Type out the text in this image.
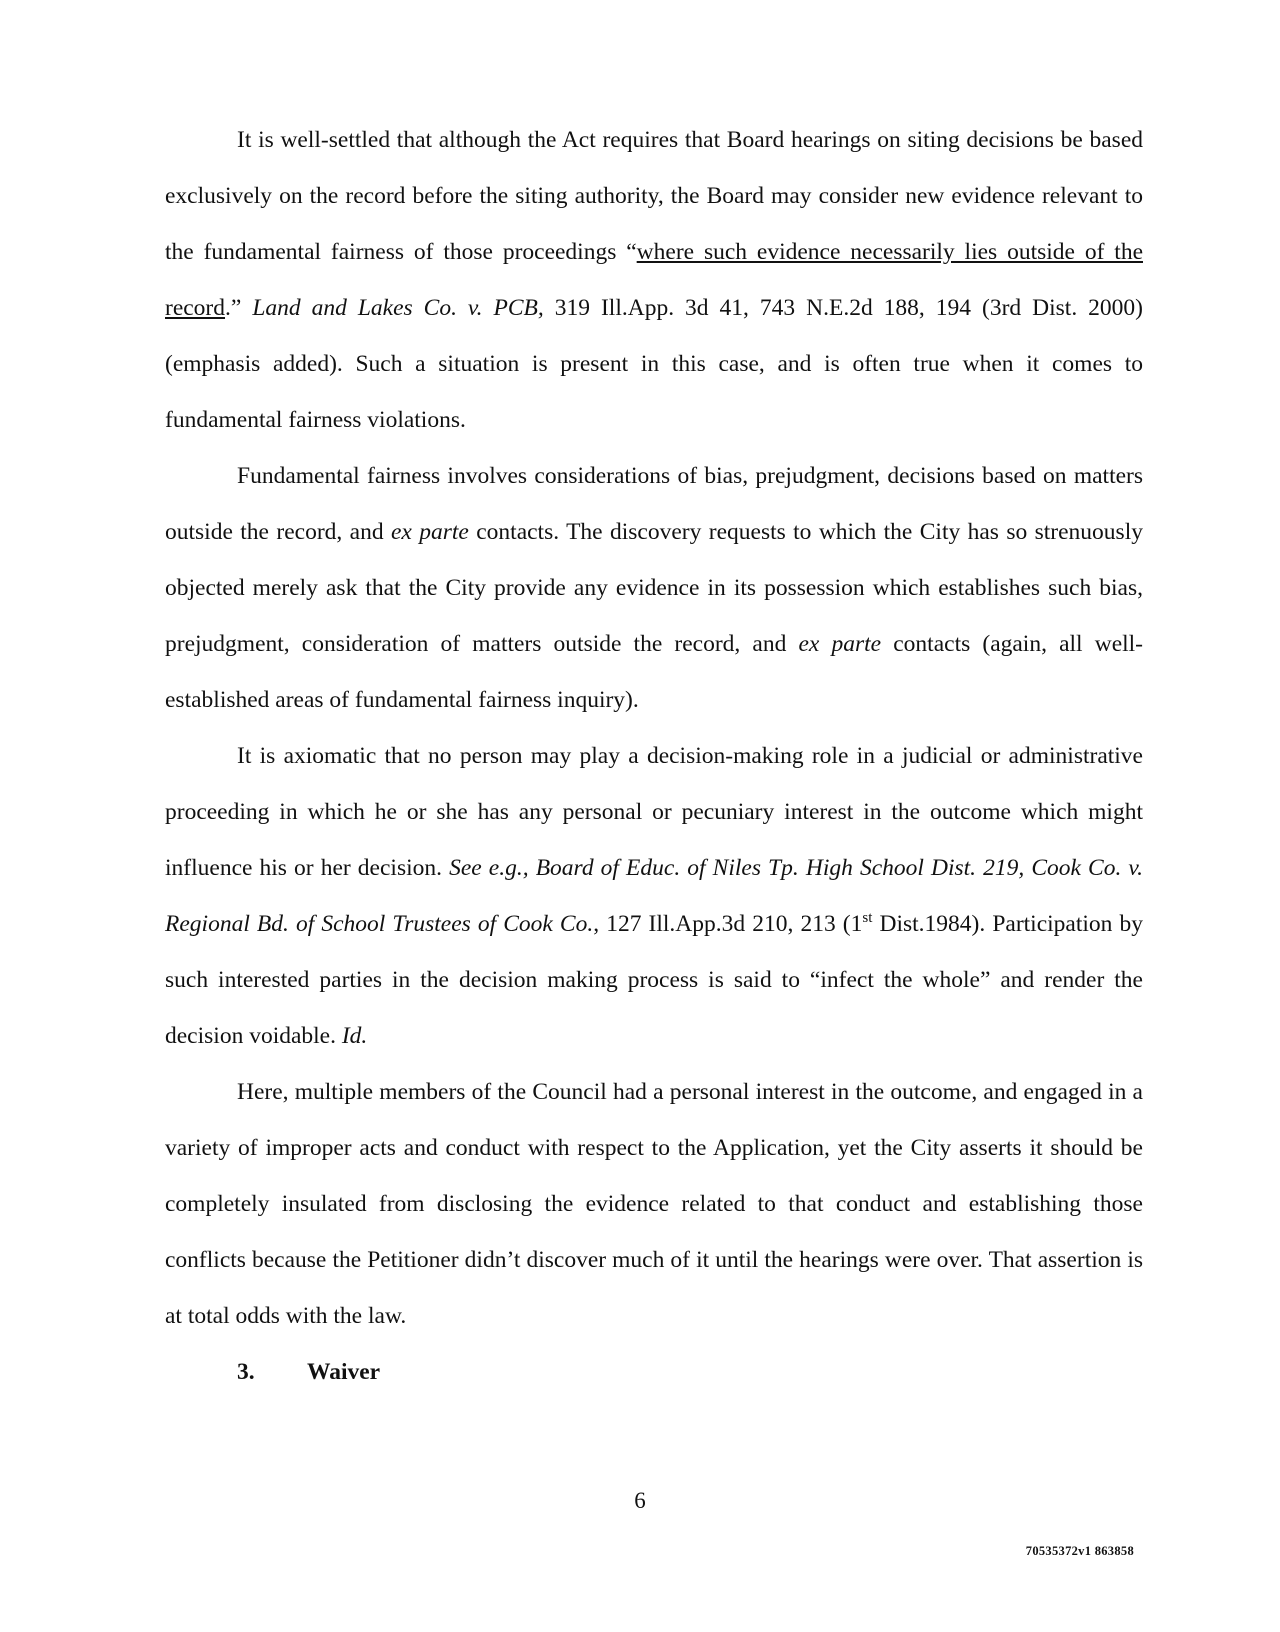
It is well-settled that although the Act requires that Board hearings on siting decisions be based exclusively on the record before the siting authority, the Board may consider new evidence relevant to the fundamental fairness of those proceedings “where such evidence necessarily lies outside of the record.” Land and Lakes Co. v. PCB, 319 Ill.App. 3d 41, 743 N.E.2d 188, 194 (3rd Dist. 2000) (emphasis added). Such a situation is present in this case, and is often true when it comes to fundamental fairness violations.

Fundamental fairness involves considerations of bias, prejudgment, decisions based on matters outside the record, and ex parte contacts. The discovery requests to which the City has so strenuously objected merely ask that the City provide any evidence in its possession which establishes such bias, prejudgment, consideration of matters outside the record, and ex parte contacts (again, all well-established areas of fundamental fairness inquiry).

It is axiomatic that no person may play a decision-making role in a judicial or administrative proceeding in which he or she has any personal or pecuniary interest in the outcome which might influence his or her decision. See e.g., Board of Educ. of Niles Tp. High School Dist. 219, Cook Co. v. Regional Bd. of School Trustees of Cook Co., 127 Ill.App.3d 210, 213 (1st Dist.1984). Participation by such interested parties in the decision making process is said to “infect the whole” and render the decision voidable. Id.

Here, multiple members of the Council had a personal interest in the outcome, and engaged in a variety of improper acts and conduct with respect to the Application, yet the City asserts it should be completely insulated from disclosing the evidence related to that conduct and establishing those conflicts because the Petitioner didn’t discover much of it until the hearings were over. That assertion is at total odds with the law.

3. Waiver

6
70535372v1 863858
